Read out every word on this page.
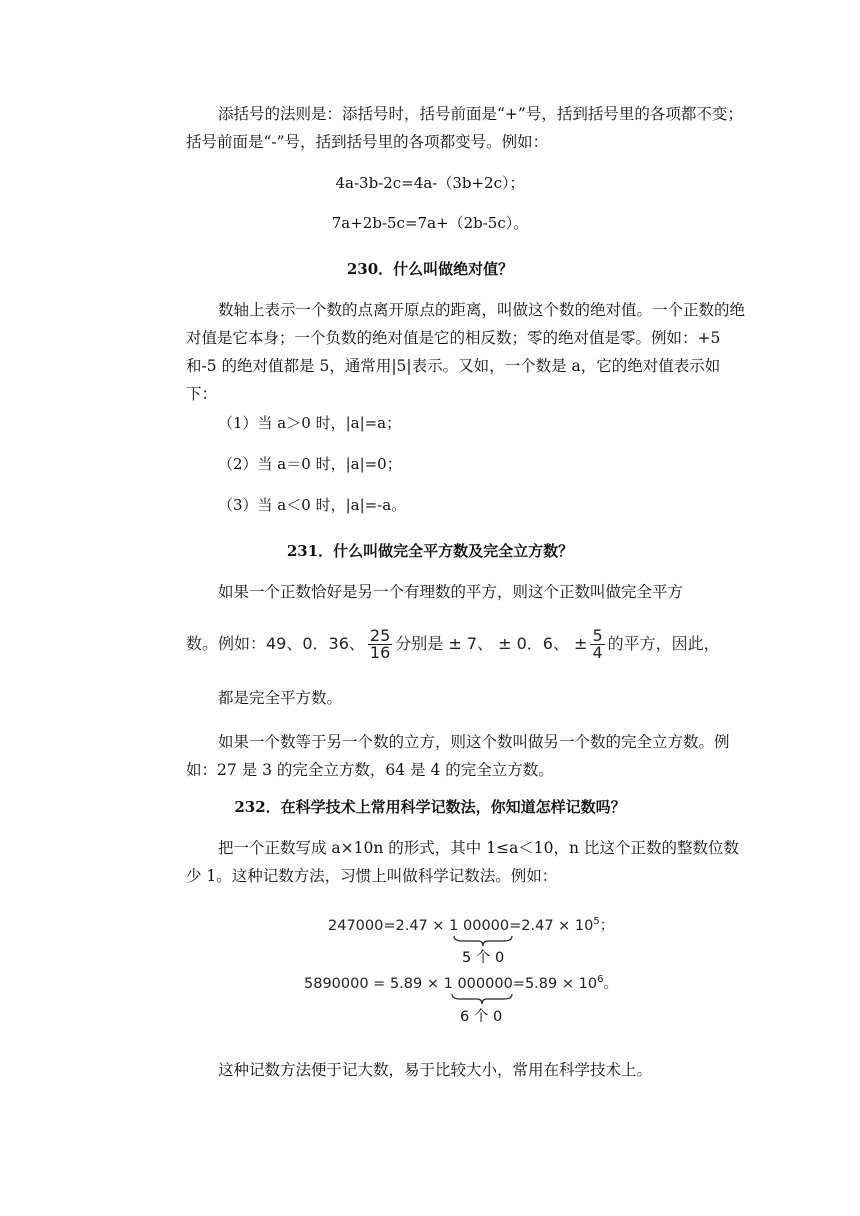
添括号的法则是：添括号时，括号前面是“+”号，括到括号里的各项都不变；括号前面是“-”号，括到括号里的各项都变号。例如：
4a-3b-2c=4a-（3b+2c）；
7a+2b-5c=7a+（2b-5c）。
230．什么叫做绝对值？
数轴上表示一个数的点离开原点的距离，叫做这个数的绝对值。一个正数的绝对值是它本身；一个负数的绝对值是它的相反数；零的绝对值是零。例如：+5 和-5 的绝对值都是 5，通常用|5|表示。又如，一个数是 a，它的绝对值表示如下：
（1）当 a＞0 时，|a|=a；
（2）当 a＝0 时，|a|=0；
（3）当 a＜0 时，|a|=-a。
231．什么叫做完全平方数及完全立方数？
如果一个正数恰好是另一个有理数的平方，则这个正数叫做完全平方
数。例如：49、0．36、 $\frac{25}{16}$ 分别是 ± 7、 ± 0．6、 ± $\frac{5}{4}$ 的平方，因此，
都是完全平方数。
如果一个数等于另一个数的立方，则这个数叫做另一个数的完全立方数。例如：27 是 3 的完全立方数，64 是 4 的完全立方数。
232．在科学技术上常用科学记数法，你知道怎样记数吗？
把一个正数写成 a×10n 的形式，其中 1≤a＜10，n 比这个正数的整数位数少 1。这种记数方法，习惯上叫做科学记数法。例如：
247000=2.47 × 1 $00000=2.47 \times 10^5$；
5 个 0
5890000 = 5.89 × 1 $000000=5.89 \times 10^6$。
6 个 0
这种记数方法便于记大数，易于比较大小，常用在科学技术上。
